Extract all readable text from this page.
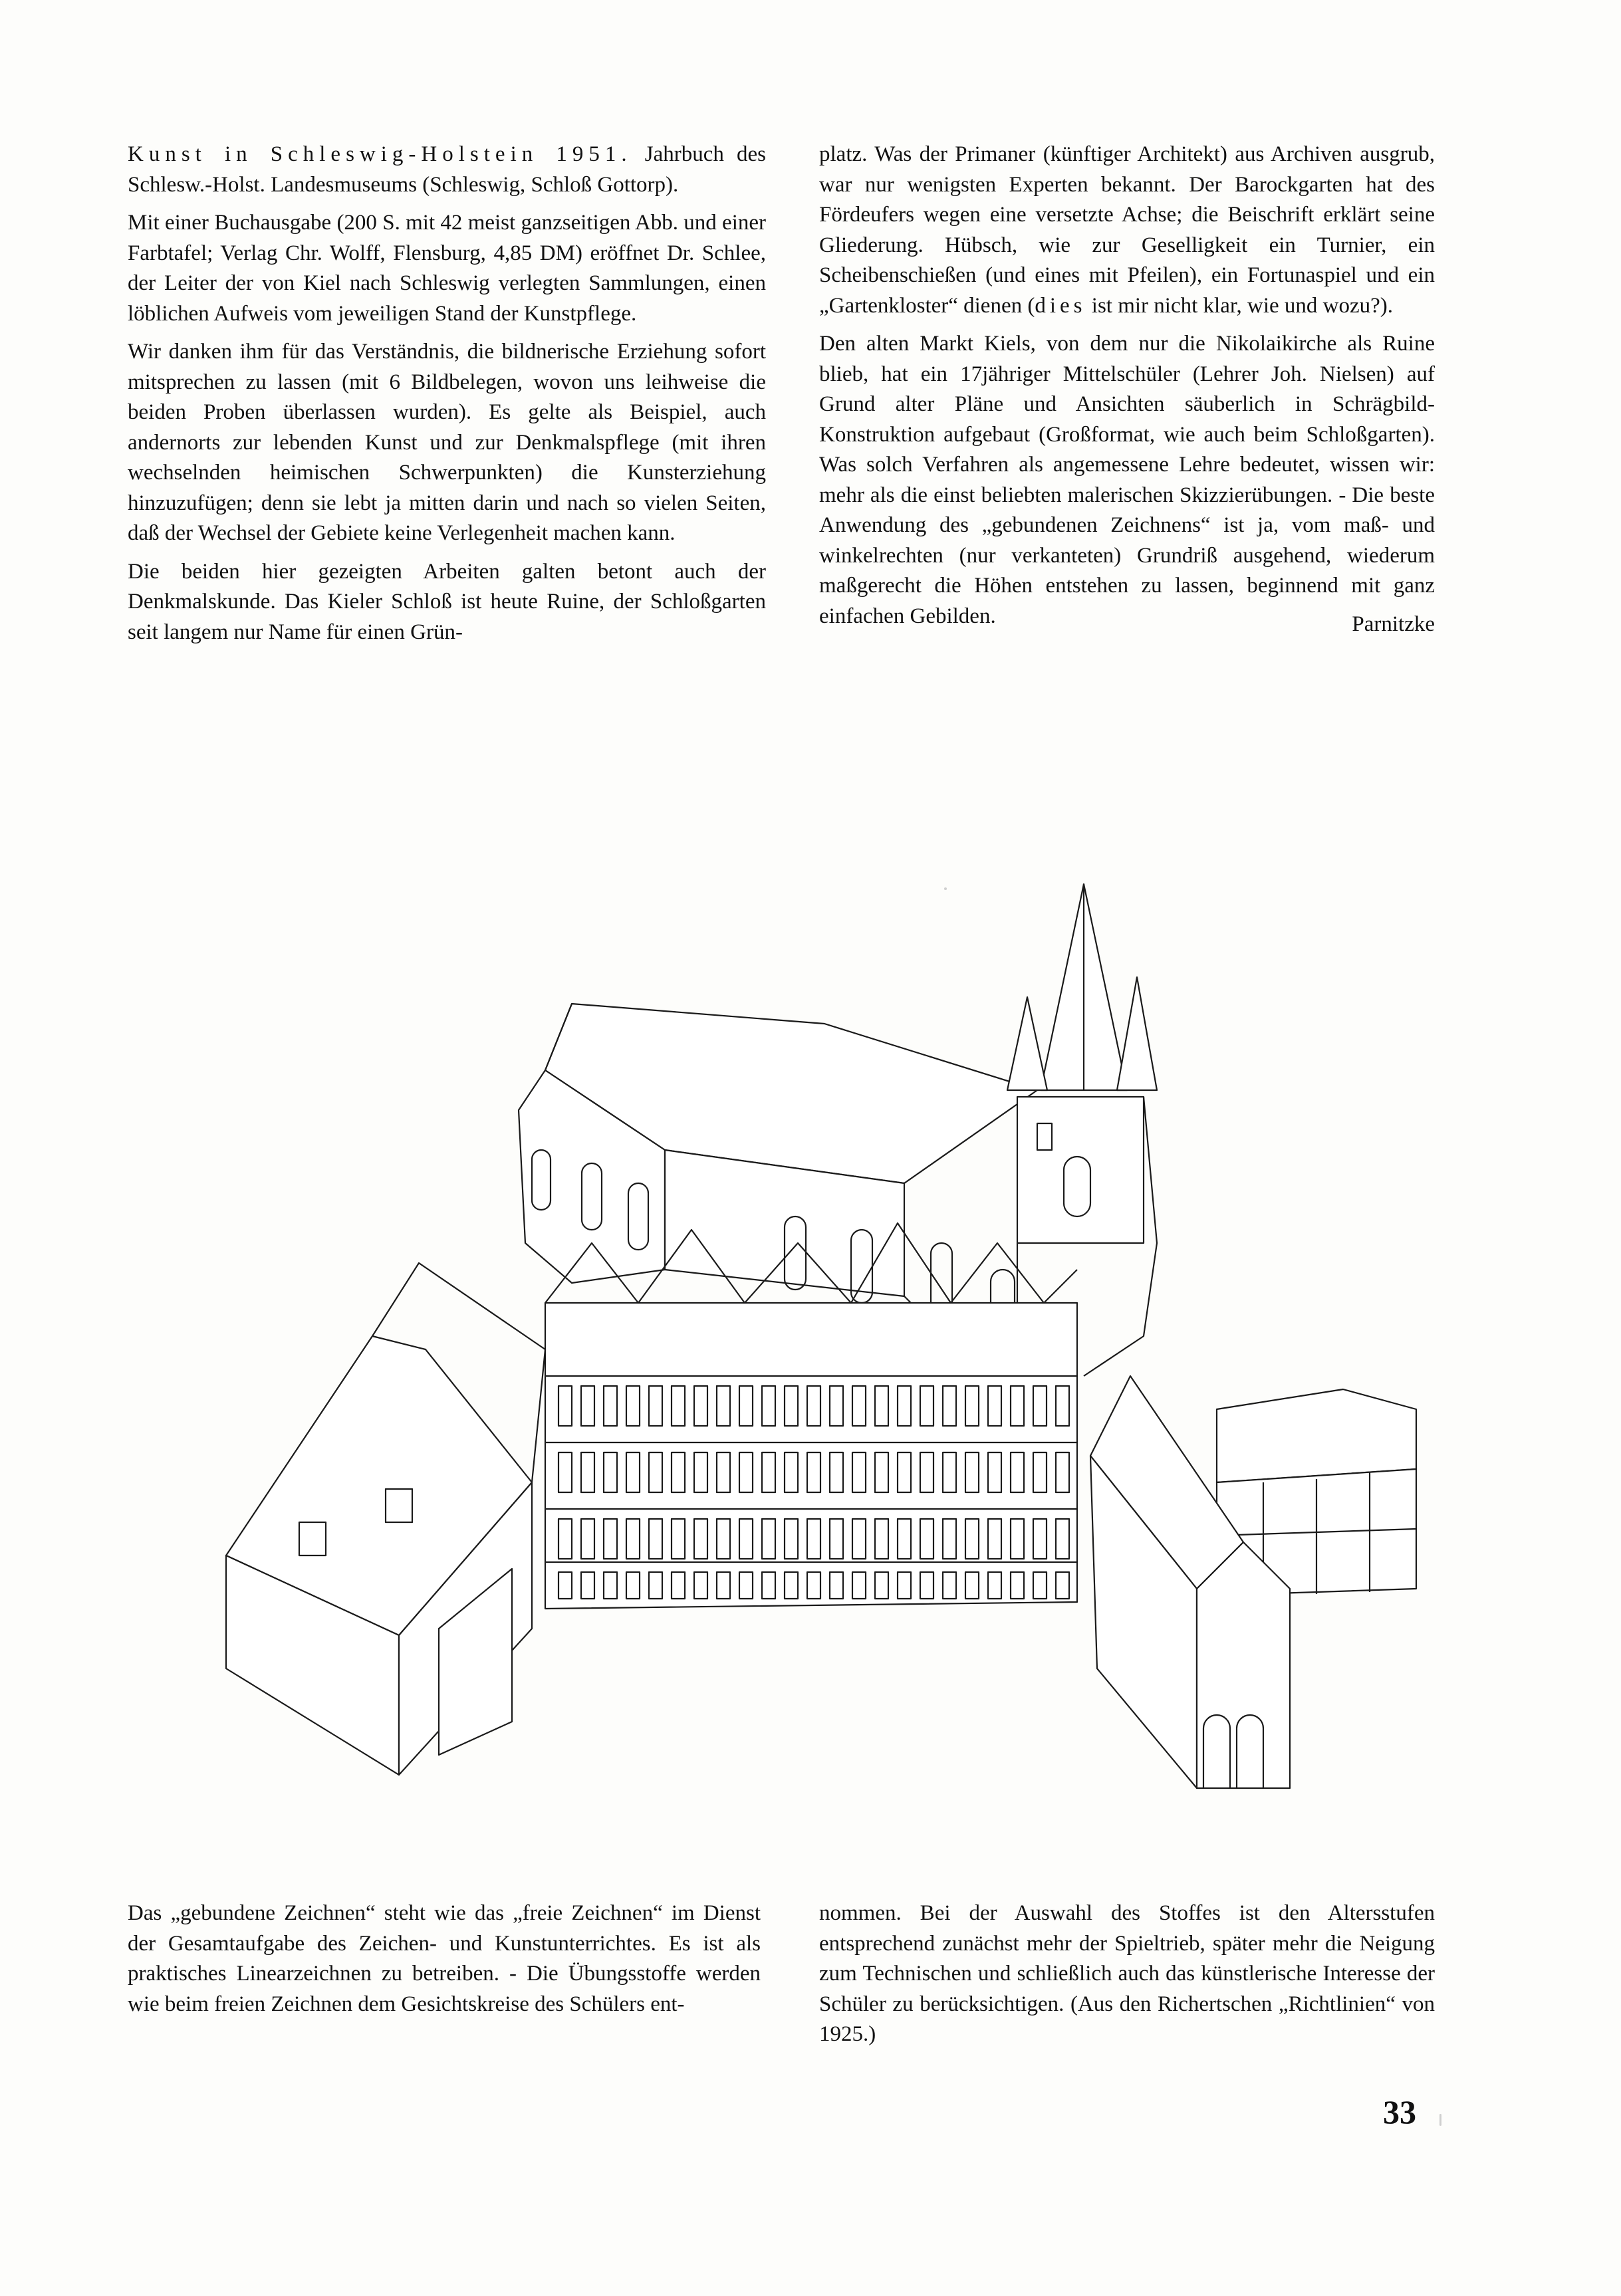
Kunst in Schleswig-Holstein 1951. Jahrbuch des Schlesw.-Holst. Landesmuseums (Schleswig, Schloß Gottorp).

Mit einer Buchausgabe (200 S. mit 42 meist ganzseitigen Abb. und einer Farbtafel; Verlag Chr. Wolff, Flensburg, 4,85 DM) eröffnet Dr. Schlee, der Leiter der von Kiel nach Schleswig verlegten Sammlungen, einen löblichen Aufweis vom jeweiligen Stand der Kunstpflege.

Wir danken ihm für das Verständnis, die bildnerische Erziehung sofort mitsprechen zu lassen (mit 6 Bildbelegen, wovon uns leihweise die beiden Proben überlassen wurden). Es gelte als Beispiel, auch andernorts zur lebenden Kunst und zur Denkmalspflege (mit ihren wechselnden heimischen Schwerpunkten) die Kunsterziehung hinzuzufügen; denn sie lebt ja mitten darin und nach so vielen Seiten, daß der Wechsel der Gebiete keine Verlegenheit machen kann.

Die beiden hier gezeigten Arbeiten galten betont auch der Denkmalskunde. Das Kieler Schloß ist heute Ruine, der Schloßgarten seit langem nur Name für einen Grün-

platz. Was der Primaner (künftiger Architekt) aus Archiven ausgrub, war nur wenigsten Experten bekannt. Der Barockgarten hat des Fördeufers wegen eine versetzte Achse; die Beischrift erklärt seine Gliederung. Hübsch, wie zur Geselligkeit ein Turnier, ein Scheibenschießen (und eines mit Pfeilen), ein Fortunaspiel und ein „Gartenkloster“ dienen (dies ist mir nicht klar, wie und wozu?).

Den alten Markt Kiels, von dem nur die Nikolaikirche als Ruine blieb, hat ein 17jähriger Mittelschüler (Lehrer Joh. Nielsen) auf Grund alter Pläne und Ansichten säuberlich in Schrägbild-Konstruktion aufgebaut (Großformat, wie auch beim Schloßgarten). Was solch Verfahren als angemessene Lehre bedeutet, wissen wir: mehr als die einst beliebten malerischen Skizzierübungen. - Die beste Anwendung des „gebundenen Zeichnens“ ist ja, vom maß- und winkelrechten (nur verkanteten) Grundriß ausgehend, wiederum maßgerecht die Höhen entstehen zu lassen, beginnend mit ganz einfachen Gebilden.	Parnitzke

Das „gebundene Zeichnen“ steht wie das „freie Zeichnen“ im Dienst der Gesamtaufgabe des Zeichen- und Kunstunterrichtes. Es ist als praktisches Linearzeichnen zu betreiben. - Die Übungsstoffe werden wie beim freien Zeichnen dem Gesichtskreise des Schülers ent-

nommen. Bei der Auswahl des Stoffes ist den Altersstufen entsprechend zunächst mehr der Spieltrieb, später mehr die Neigung zum Technischen und schließlich auch das künstlerische Interesse der Schüler zu berücksichtigen. (Aus den Richertschen „Richtlinien“ von 1925.)

33
